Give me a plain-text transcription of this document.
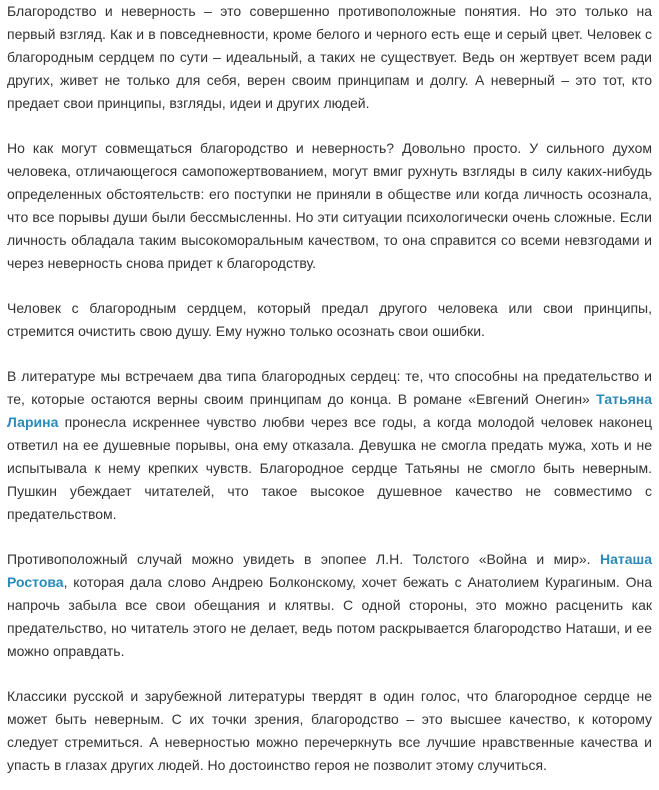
Благородство и неверность – это совершенно противоположные понятия. Но это только на первый взгляд. Как и в повседневности, кроме белого и черного есть еще и серый цвет. Человек с благородным сердцем по сути – идеальный, а таких не существует. Ведь он жертвует всем ради других, живет не только для себя, верен своим принципам и долгу. А неверный – это тот, кто предает свои принципы, взгляды, идеи и других людей.

Но как могут совмещаться благородство и неверность? Довольно просто. У сильного духом человека, отличающегося самопожертвованием, могут вмиг рухнуть взгляды в силу каких-нибудь определенных обстоятельств: его поступки не приняли в обществе или когда личность осознала, что все порывы души были бессмысленны. Но эти ситуации психологически очень сложные. Если личность обладала таким высокоморальным качеством, то она справится со всеми невзгодами и через неверность снова придет к благородству.

Человек с благородным сердцем, который предал другого человека или свои принципы, стремится очистить свою душу. Ему нужно только осознать свои ошибки.

В литературе мы встречаем два типа благородных сердец: те, что способны на предательство и те, которые остаются верны своим принципам до конца. В романе «Евгений Онегин» Татьяна Ларина пронесла искреннее чувство любви через все годы, а когда молодой человек наконец ответил на ее душевные порывы, она ему отказала. Девушка не смогла предать мужа, хоть и не испытывала к нему крепких чувств. Благородное сердце Татьяны не смогло быть неверным. Пушкин убеждает читателей, что такое высокое душевное качество не совместимо с предательством.

Противоположный случай можно увидеть в эпопее Л.Н. Толстого «Война и мир». Наташа Ростова, которая дала слово Андрею Болконскому, хочет бежать с Анатолием Курагиным. Она напрочь забыла все свои обещания и клятвы. С одной стороны, это можно расценить как предательство, но читатель этого не делает, ведь потом раскрывается благородство Наташи, и ее можно оправдать.

Классики русской и зарубежной литературы твердят в один голос, что благородное сердце не может быть неверным. С их точки зрения, благородство – это высшее качество, к которому следует стремиться. А неверностью можно перечеркнуть все лучшие нравственные качества и упасть в глазах других людей. Но достоинство героя не позволит этому случиться.
